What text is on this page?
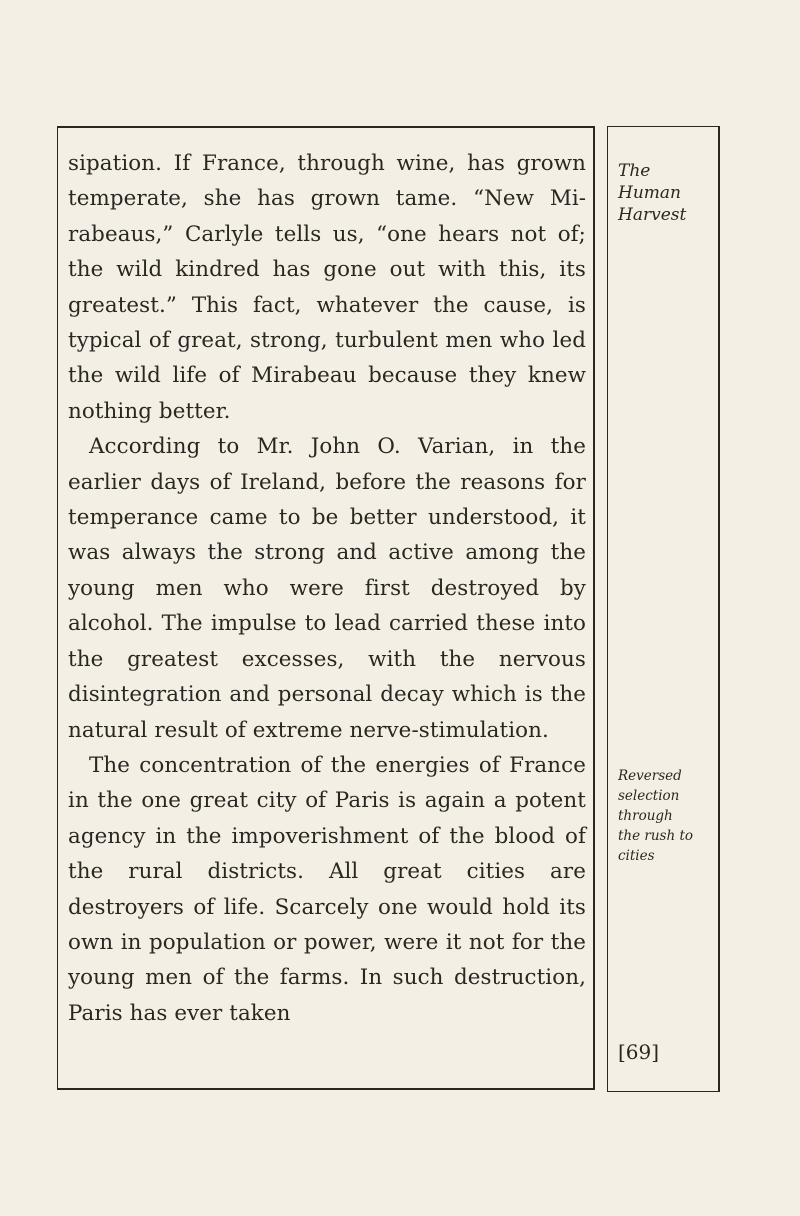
sipation. If France, through wine, has grown temperate, she has grown tame. “New Mirabeaus,” Carlyle tells us, “one hears not of; the wild kindred has gone out with this, its greatest.” This fact, whatever the cause, is typical of great, strong, turbulent men who led the wild life of Mirabeau because they knew nothing better.

According to Mr. John O. Varian, in the earlier days of Ireland, before the reasons for temperance came to be better understood, it was always the strong and active among the young men who were first destroyed by alcohol. The impulse to lead carried these into the greatest excesses, with the nervous disintegration and personal decay which is the natural result of extreme nerve-stimulation.

The concentration of the energies of France in the one great city of Paris is again a potent agency in the impoverishment of the blood of the rural districts. All great cities are destroyers of life. Scarcely one would hold its own in population or power, were it not for the young men of the farms. In such destruction, Paris has ever taken

The
Human
Harvest
Reversed
selection
through
the rush to
cities

[69]
